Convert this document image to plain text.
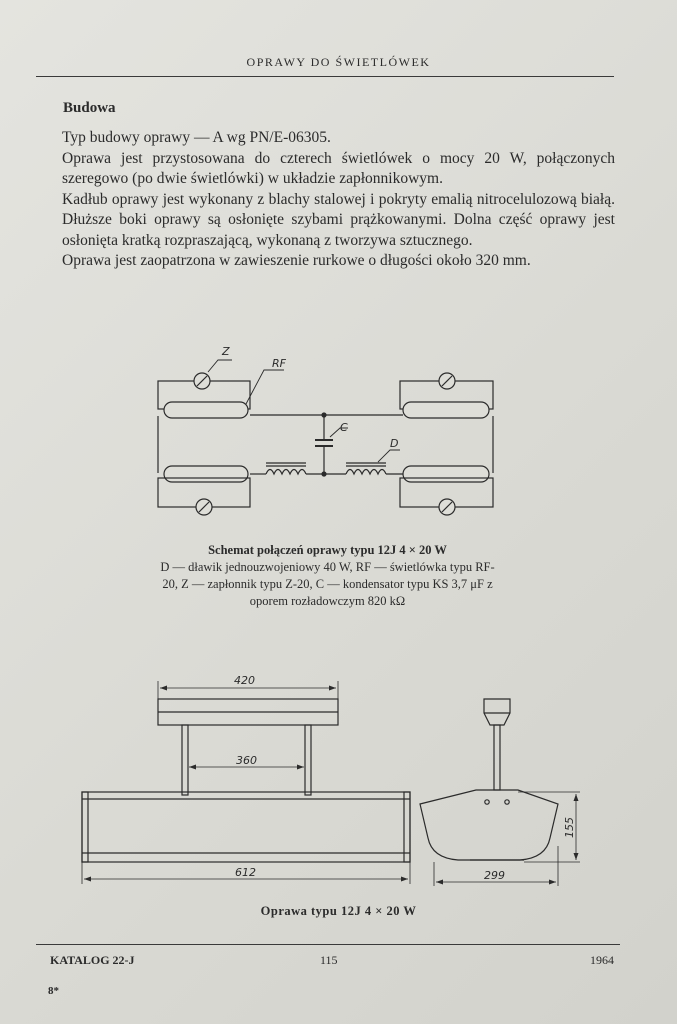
OPRAWY DO ŚWIETLÓWEK
Budowa

Typ budowy oprawy — A wg PN/E-06305.

Oprawa jest przystosowana do czterech świetlówek o mocy 20 W, połączonych szeregowo (po dwie świetlówki) w układzie zapłonnikowym.

Kadłub oprawy jest wykonany z blachy stalowej i pokryty emalią nitrocelulozową białą. Dłuższe boki oprawy są osłonięte szybami prążkowanymi. Dolna część oprawy jest osłonięta kratką rozpraszającą, wykonaną z tworzywa sztucznego.

Oprawa jest zaopatrzona w zawieszenie rurkowe o długości około 320 mm.

Z
RF
C
D
420
360
612	299
155
Schemat połączeń oprawy typu 12J 4 × 20 W
D — dławik jednouzwojeniowy 40 W, RF — świetlówka typu RF-20, Z — zapłonnik typu Z-20, C — kondensator typu KS 3,7 μF z oporem rozładowczym 820 kΩ
Oprawa typu 12J 4 × 20 W
KATALOG 22-J	115	1964
8*
